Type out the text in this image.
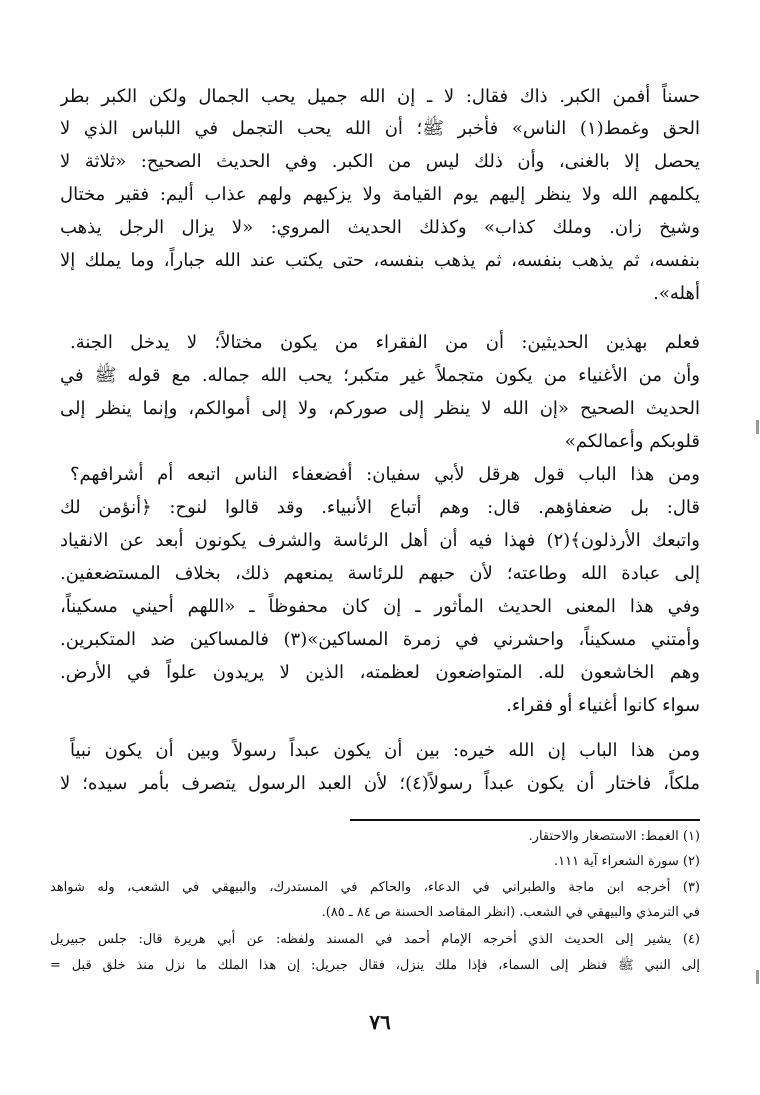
حسناً أفمن الكبر. ذاك فقال: لا ـ إن الله جميل يحب الجمال ولكن الكبر بطر
الحق وغمط(١) الناس» فأخبر ﷺ؛ أن الله يحب التجمل في اللباس الذي لا
يحصل إلا بالغنى، وأن ذلك ليس من الكبر. وفي الحديث الصحيح: «ثلاثة لا
يكلمهم الله ولا ينظر إليهم يوم القيامة ولا يزكيهم ولهم عذاب أليم: فقير مختال
وشيخ زان. وملك كذاب» وكذلك الحديث المروي: «لا يزال الرجل يذهب
بنفسه، ثم يذهب بنفسه، ثم يذهب بنفسه، حتى يكتب عند الله جباراً، وما يملك إلا
أهله».
فعلم بهذين الحديثين: أن من الفقراء من يكون مختالاً؛ لا يدخل الجنة.
وأن من الأغنياء من يكون متجملاً غير متكبر؛ يحب الله جماله. مع قوله ﷺ في
الحديث الصحيح «إن الله لا ينظر إلى صوركم، ولا إلى أموالكم، وإنما ينظر إلى
قلوبكم وأعمالكم»
ومن هذا الباب قول هرقل لأبي سفيان: أفضعفاء الناس اتبعه أم أشرافهم؟
قال: بل ضعفاؤهم. قال: وهم أتباع الأنبياء. وقد قالوا لنوح: ﴿أنؤمن لك
واتبعك الأرذلون﴾(٢) فهذا فيه أن أهل الرئاسة والشرف يكونون أبعد عن الانقياد
إلى عبادة الله وطاعته؛ لأن حبهم للرئاسة يمنعهم ذلك، بخلاف المستضعفين.
وفي هذا المعنى الحديث المأثور ـ إن كان محفوظاً ـ «اللهم أحيني مسكيناً،
وأمتني مسكيناً، واحشرني في زمرة المساكين»(٣) فالمساكين ضد المتكبرين.
وهم الخاشعون لله. المتواضعون لعظمته، الذين لا يريدون علواً في الأرض.
سواء كانوا أغنياء أو فقراء.
ومن هذا الباب إن الله خيره: بين أن يكون عبداً رسولاً وبين أن يكون نبياً
ملكاً، فاختار أن يكون عبداً رسولاً(٤)؛ لأن العبد الرسول يتصرف بأمر سيده؛ لا
(١) الغمط: الاستصغار والاحتقار.
(٢) سورة الشعراء آية ١١١.
(٣) أخرجه ابن ماجة والطبراني في الدعاء، والحاكم في المستدرك، والبيهقي في الشعب، وله شواهد
في الترمذي والبيهقي في الشعب. (انظر المقاصد الحسنة ص ٨٤ ـ ٨٥).
(٤) يشير إلى الحديث الذي أخرجه الإمام أحمد في المسند ولفظه: عن أبي هريرة قال: جلس جبيريل
إلى النبي ﷺ فنظر إلى السماء، فإذا ملك ينزل، فقال جبريل: إن هذا الملك ما نزل منذ خلق قبل =
٧٦
